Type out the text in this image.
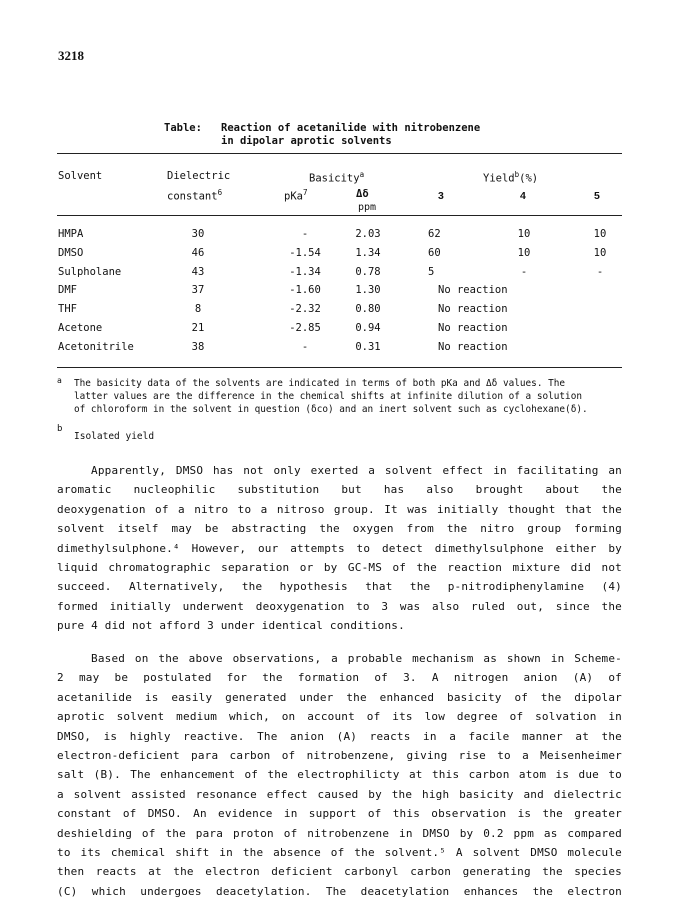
3218
Table: Reaction of acetanilide with nitrobenzene
in dipolar aprotic solvents
Solvent	Dielectric	Basicity$^a$	Yield$^b$(%)
constant$^6$	pKa$^7$	Δδ
ppm
3	4	5
HMPA	30	-	2.03	62	10	10
DMSO	46	-1.54	1.34	60	10	10
Sulpholane	43	-1.34	0.78	5	-	-
DMF	37	-1.60	1.30	No reaction
THF	8	-2.32	0.80	No reaction
Acetone	21	-2.85	0.94	No reaction
Acetonitrile	38	-	0.31	No reaction
a The basicity data of the solvents are indicated in terms of both pKa and Δδ values. The
latter values are the difference in the chemical shifts at infinite dilution of a solution
of chloroform in the solvent in question (δco) and an inert solvent such as cyclohexane(δ).
b
Isolated yield
Apparently, DMSO has not only exerted a solvent effect in facilitating an
aromatic nucleophilic substitution but has also brought about the
deoxygenation of a nitro to a nitroso group. It was initially thought that the
solvent itself may be abstracting the oxygen from the nitro group forming
dimethylsulphone.⁴ However, our attempts to detect dimethylsulphone either by
liquid chromatographic separation or by GC-MS of the reaction mixture did not
succeed. Alternatively, the hypothesis that the p-nitrodiphenylamine (4)
formed initially underwent deoxygenation to 3 was also ruled out, since the
pure 4 did not afford 3 under identical conditions.
Based on the above observations, a probable mechanism as shown in Scheme-
2 may be postulated for the formation of 3. A nitrogen anion (A) of
acetanilide is easily generated under the enhanced basicity of the dipolar
aprotic solvent medium which, on account of its low degree of solvation in
DMSO, is highly reactive. The anion (A) reacts in a facile manner at the
electron-deficient para carbon of nitrobenzene, giving rise to a Meisenheimer
salt (B). The enhancement of the electrophilicty at this carbon atom is due to
a solvent assisted resonance effect caused by the high basicity and dielectric
constant of DMSO. An evidence in support of this observation is the greater
deshielding of the para proton of nitrobenzene in DMSO by 0.2 ppm as compared
to its chemical shift in the absence of the solvent.⁵ A solvent DMSO molecule
then reacts at the electron deficient carbonyl carbon generating the species
(C) which undergoes deacetylation. The deacetylation enhances the electron
